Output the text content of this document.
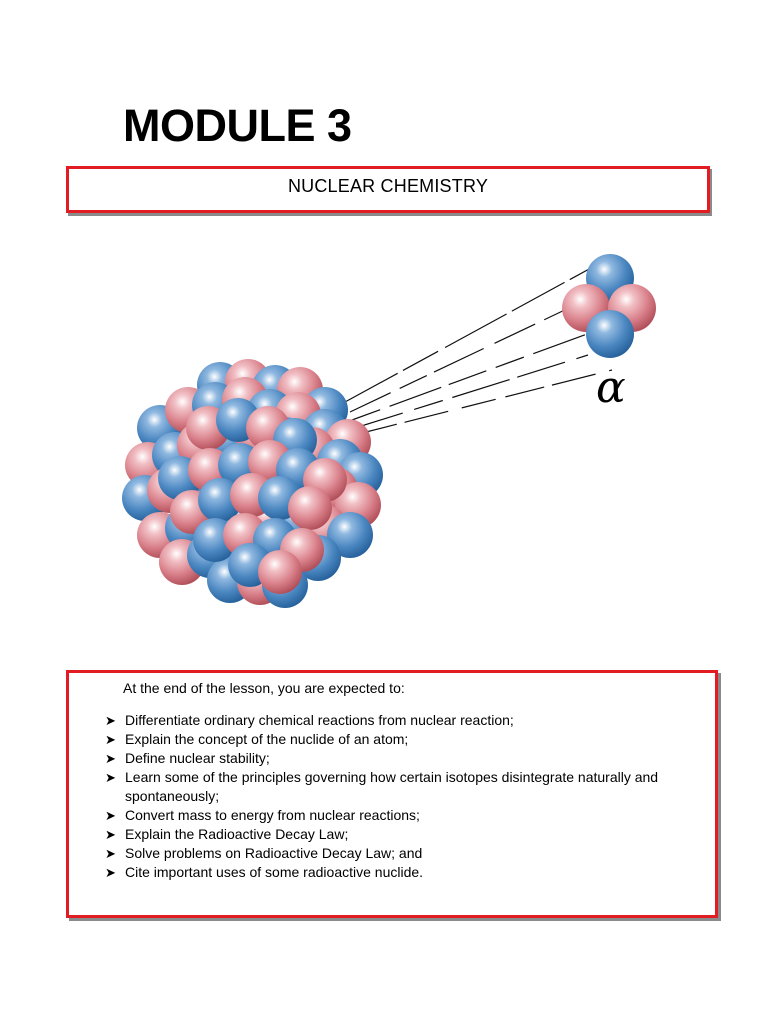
MODULE 3
NUCLEAR CHEMISTRY
α

At the end of the lesson, you are expected to:

➤ Differentiate ordinary chemical reactions from nuclear reaction;
➤ Explain the concept of the nuclide of an atom;
➤ Define nuclear stability;
➤ Learn some of the principles governing how certain isotopes disintegrate naturally and spontaneously;
➤ Convert mass to energy from nuclear reactions;
➤ Explain the Radioactive Decay Law;
➤ Solve problems on Radioactive Decay Law; and
➤ Cite important uses of some radioactive nuclide.
